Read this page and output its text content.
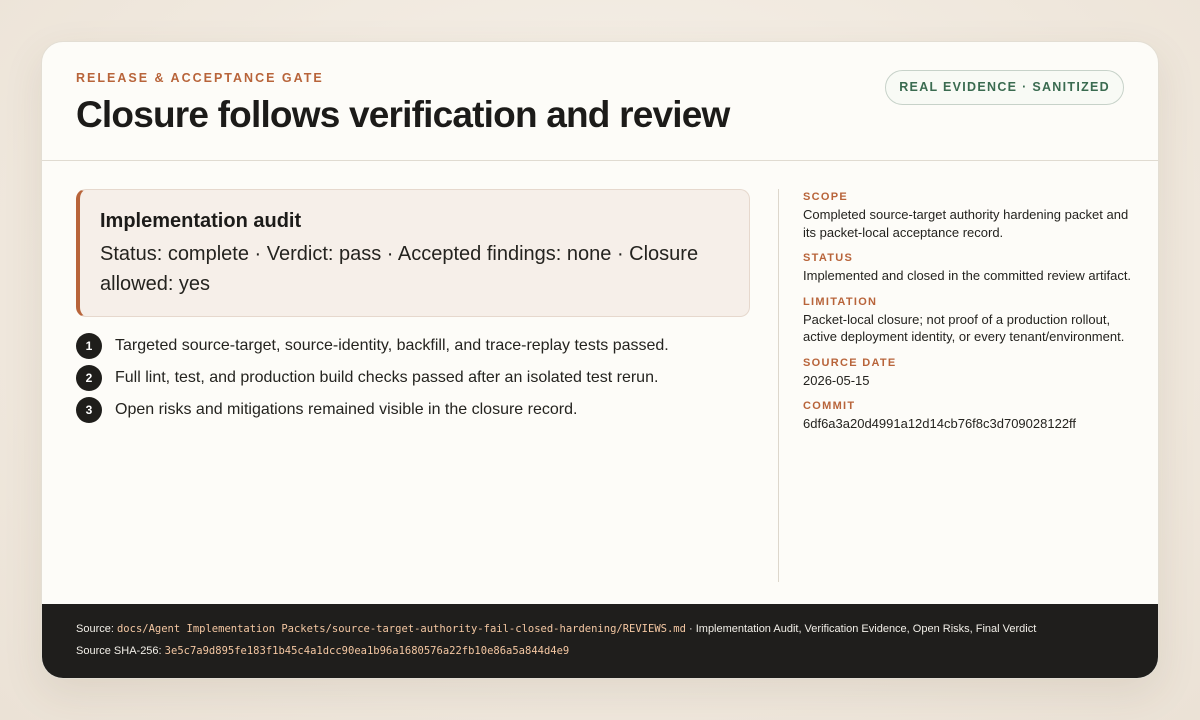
RELEASE & ACCEPTANCE GATE
Closure follows verification and review
REAL EVIDENCE · SANITIZED
Implementation audit
Status: complete · Verdict: pass · Accepted findings: none · Closure allowed: yes
1	Targeted source-target, source-identity, backfill, and trace-replay tests passed.
2	Full lint, test, and production build checks passed after an isolated test rerun.
3	Open risks and mitigations remained visible in the closure record.
SCOPE
Completed source-target authority hardening packet and its packet-local acceptance record.
STATUS
Implemented and closed in the committed review artifact.
LIMITATION
Packet-local closure; not proof of a production rollout, active deployment identity, or every tenant/environment.
SOURCE DATE
2026-05-15
COMMIT
6df6a3a20d4991a12d14cb76f8c3d709028122ff
Source: docs/Agent Implementation Packets/source-target-authority-fail-closed-hardening/REVIEWS.md · Implementation Audit, Verification Evidence, Open Risks, Final Verdict
Source SHA-256: 3e5c7a9d895fe183f1b45c4a1dcc90ea1b96a1680576a22fb10e86a5a844d4e9
